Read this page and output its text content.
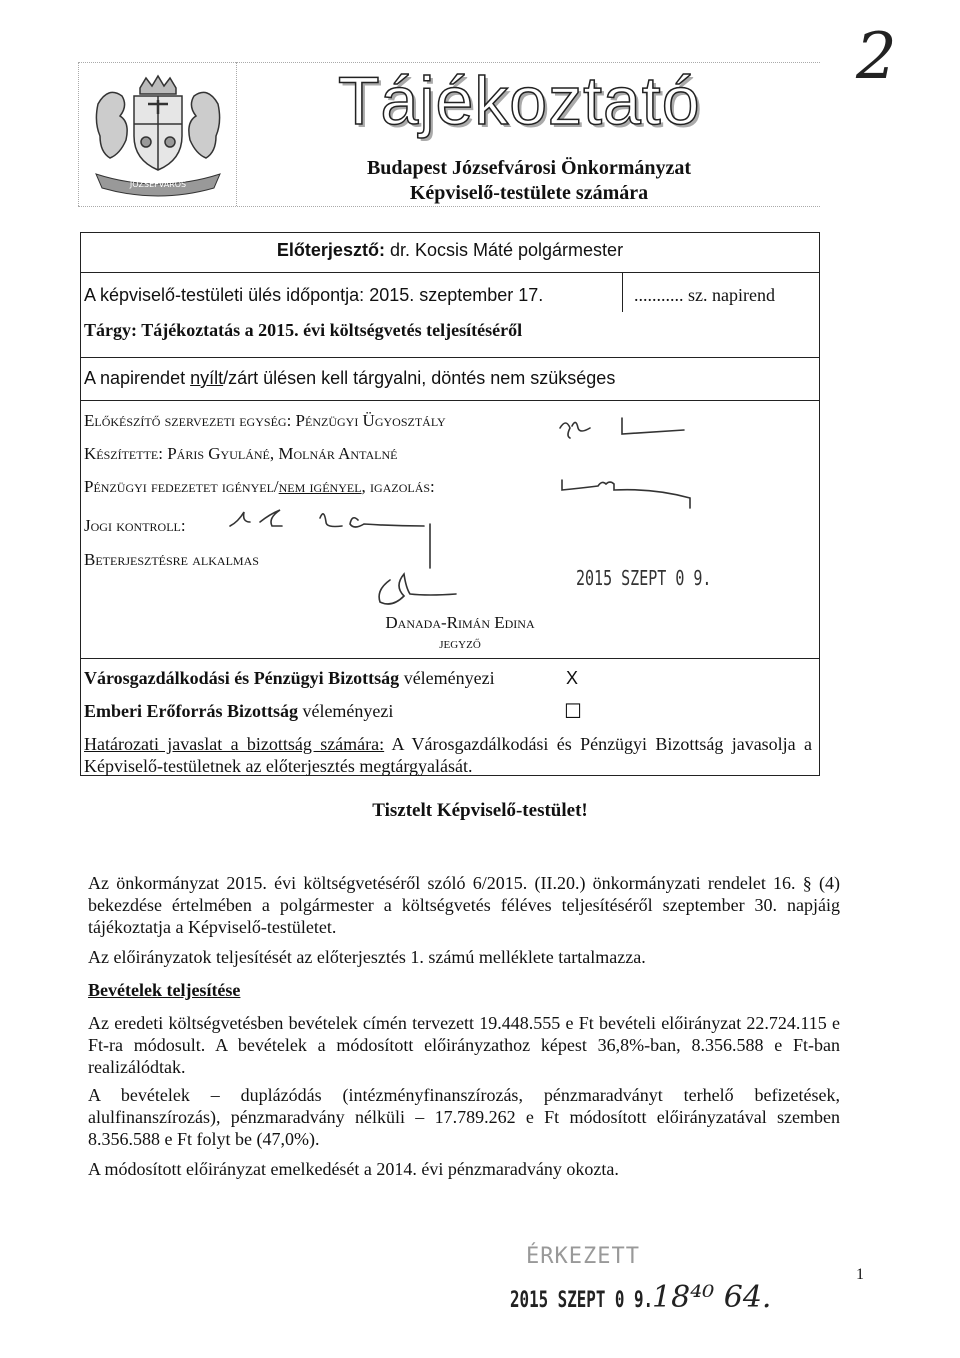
2
JÓZSEFVÁROS
Tájékoztató
Budapest Józsefvárosi Önkormányzat
Képviselő-testülete számára
Előterjesztő: dr. Kocsis Máté polgármester
A képviselő-testületi ülés időpontja: 2015. szeptember 17.	........... sz. napirend
Tárgy: Tájékoztatás a 2015. évi költségvetés teljesítéséről
A napirendet nyílt/zárt ülésen kell tárgyalni, döntés nem szükséges
Előkészítő szervezeti egység: Pénzügyi Ügyosztály
Készítette: Páris Gyuláné, Molnár Antalné
Pénzügyi fedezetet igényel/nem igényel, igazolás:
Jogi kontroll:
Beterjesztésre alkalmas
2015 SZEPT 0 9.
Danada-Rimán Edina
jegyző
Városgazdálkodási és Pénzügyi Bizottság véleményezi	X
Emberi Erőforrás Bizottság véleményezi	☐
Határozati javaslat a bizottság számára: A Városgazdálkodási és Pénzügyi Bizottság javasolja a Képviselő-testületnek az előterjesztés megtárgyalását.
Tisztelt Képviselő-testület!
Az önkormányzat 2015. évi költségvetéséről szóló 6/2015. (II.20.) önkormányzati rendelet 16. § (4) bekezdése értelmében a polgármester a költségvetés féléves teljesítéséről szeptember 30. napjáig tájékoztatja a Képviselő-testületet.
Az előirányzatok teljesítését az előterjesztés 1. számú melléklete tartalmazza.
Bevételek teljesítése
Az eredeti költségvetésben bevételek címén tervezett 19.448.555 e Ft bevételi előirányzat 22.724.115 e Ft-ra módosult. A bevételek a módosított előirányzathoz képest 36,8%-ban, 8.356.588 e Ft-ban realizálódtak.
A bevételek – duplázódás (intézményfinanszírozás, pénzmaradványt terhelő befizetések, alulfinanszírozás), pénzmaradvány nélküli – 17.789.262 e Ft módosított előirányzatával szemben 8.356.588 e Ft folyt be (47,0%).
A módosított előirányzat emelkedését a 2014. évi pénzmaradvány okozta.
ÉRKEZETT
2015 SZEPT 0 9.
18⁴⁰ 64.
1
